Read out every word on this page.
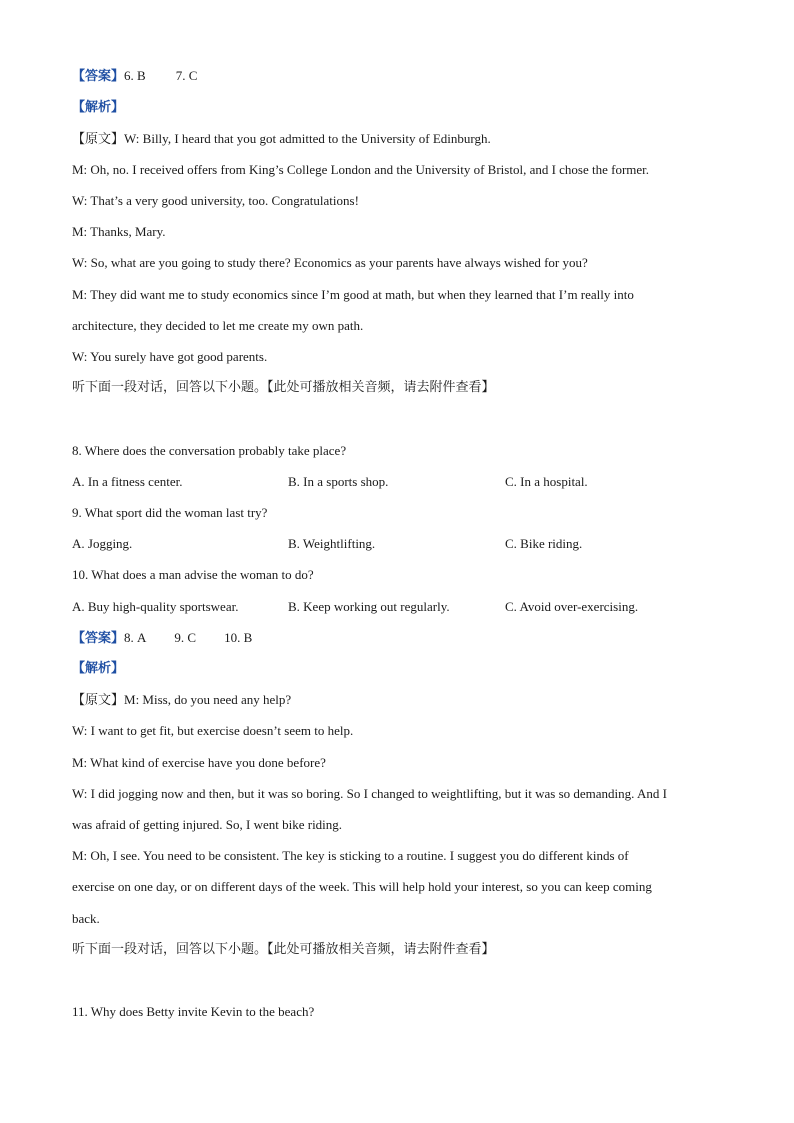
【答案】6. B 7. C
【解析】
【原文】W: Billy, I heard that you got admitted to the University of Edinburgh.
M: Oh, no. I received offers from King’s College London and the University of Bristol, and I chose the former.
W: That’s a very good university, too. Congratulations!
M: Thanks, Mary.
W: So, what are you going to study there? Economics as your parents have always wished for you?
M: They did want me to study economics since I’m good at math, but when they learned that I’m really into
architecture, they decided to let me create my own path.
W: You surely have got good parents.
听下面一段对话，回答以下小题。【此处可播放相关音频，请去附件查看】
8. Where does the conversation probably take place?
A. In a fitness center.	B. In a sports shop.	C. In a hospital.
9. What sport did the woman last try?
A. Jogging.	B. Weightlifting.	C. Bike riding.
10. What does a man advise the woman to do?
A. Buy high-quality sportswear.	B. Keep working out regularly.	C. Avoid over-exercising.
【答案】8. A 9. C 10. B
【解析】
【原文】M: Miss, do you need any help?
W: I want to get fit, but exercise doesn’t seem to help.
M: What kind of exercise have you done before?
W: I did jogging now and then, but it was so boring. So I changed to weightlifting, but it was so demanding. And I
was afraid of getting injured. So, I went bike riding.
M: Oh, I see. You need to be consistent. The key is sticking to a routine. I suggest you do different kinds of
exercise on one day, or on different days of the week. This will help hold your interest, so you can keep coming
back.
听下面一段对话，回答以下小题。【此处可播放相关音频，请去附件查看】
11. Why does Betty invite Kevin to the beach?
